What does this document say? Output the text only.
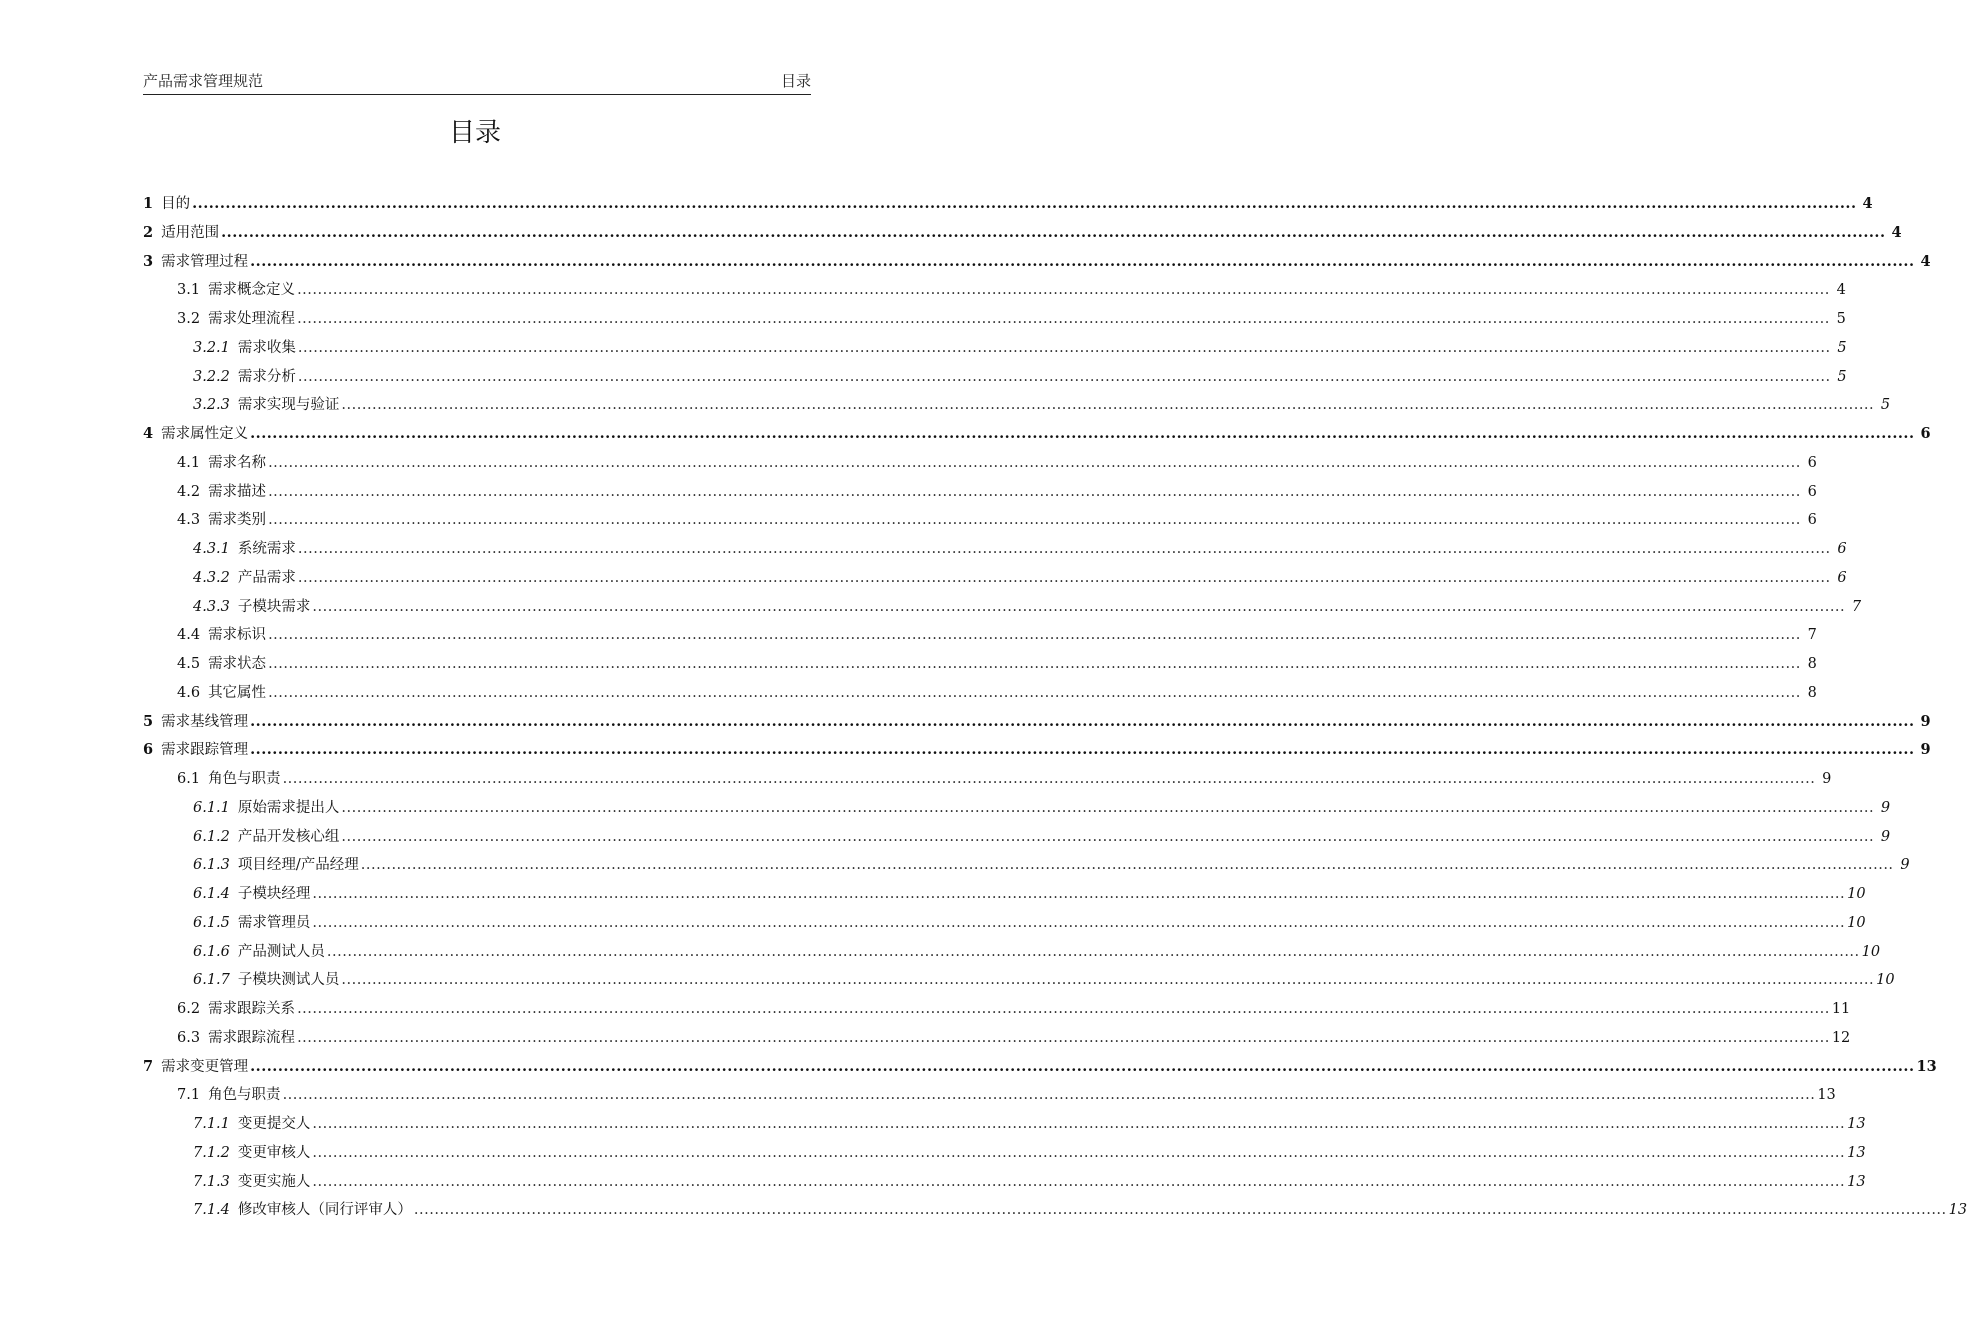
产品需求管理规范	目录
目录
1 目的 ............................................................................................................................................................................................................................................................................................................ 4
2 适用范围 ............................................................................................................................................................................................................................................................................................................ 4
3 需求管理过程 ............................................................................................................................................................................................................................................................................................................ 4
3.1 需求概念定义 ............................................................................................................................................................................................................................................................................................................ 4
3.2 需求处理流程 ............................................................................................................................................................................................................................................................................................................ 5
3.2.1 需求收集 ............................................................................................................................................................................................................................................................................................................ 5
3.2.2 需求分析 ............................................................................................................................................................................................................................................................................................................ 5
3.2.3 需求实现与验证 ............................................................................................................................................................................................................................................................................................................ 5
4 需求属性定义 ............................................................................................................................................................................................................................................................................................................ 6
4.1 需求名称 ............................................................................................................................................................................................................................................................................................................ 6
4.2 需求描述 ............................................................................................................................................................................................................................................................................................................ 6
4.3 需求类别 ............................................................................................................................................................................................................................................................................................................ 6
4.3.1 系统需求 ............................................................................................................................................................................................................................................................................................................ 6
4.3.2 产品需求 ............................................................................................................................................................................................................................................................................................................ 6
4.3.3 子模块需求 ............................................................................................................................................................................................................................................................................................................ 7
4.4 需求标识 ............................................................................................................................................................................................................................................................................................................ 7
4.5 需求状态 ............................................................................................................................................................................................................................................................................................................ 8
4.6 其它属性 ............................................................................................................................................................................................................................................................................................................ 8
5 需求基线管理 ............................................................................................................................................................................................................................................................................................................ 9
6 需求跟踪管理 ............................................................................................................................................................................................................................................................................................................ 9
6.1 角色与职责 ............................................................................................................................................................................................................................................................................................................ 9
6.1.1 原始需求提出人 ............................................................................................................................................................................................................................................................................................................ 9
6.1.2 产品开发核心组 ............................................................................................................................................................................................................................................................................................................ 9
6.1.3 项目经理/产品经理 ............................................................................................................................................................................................................................................................................................................ 9
6.1.4 子模块经理 ............................................................................................................................................................................................................................................................................................................ 10
6.1.5 需求管理员 ............................................................................................................................................................................................................................................................................................................ 10
6.1.6 产品测试人员 ............................................................................................................................................................................................................................................................................................................ 10
6.1.7 子模块测试人员 ............................................................................................................................................................................................................................................................................................................ 10
6.2 需求跟踪关系 ............................................................................................................................................................................................................................................................................................................ 11
6.3 需求跟踪流程 ............................................................................................................................................................................................................................................................................................................ 12
7 需求变更管理 ............................................................................................................................................................................................................................................................................................................ 13
7.1 角色与职责 ............................................................................................................................................................................................................................................................................................................ 13
7.1.1 变更提交人 ............................................................................................................................................................................................................................................................................................................ 13
7.1.2 变更审核人 ............................................................................................................................................................................................................................................................................................................ 13
7.1.3 变更实施人 ............................................................................................................................................................................................................................................................................................................ 13
7.1.4 修改审核人（同行评审人） ............................................................................................................................................................................................................................................................................................................ 13
